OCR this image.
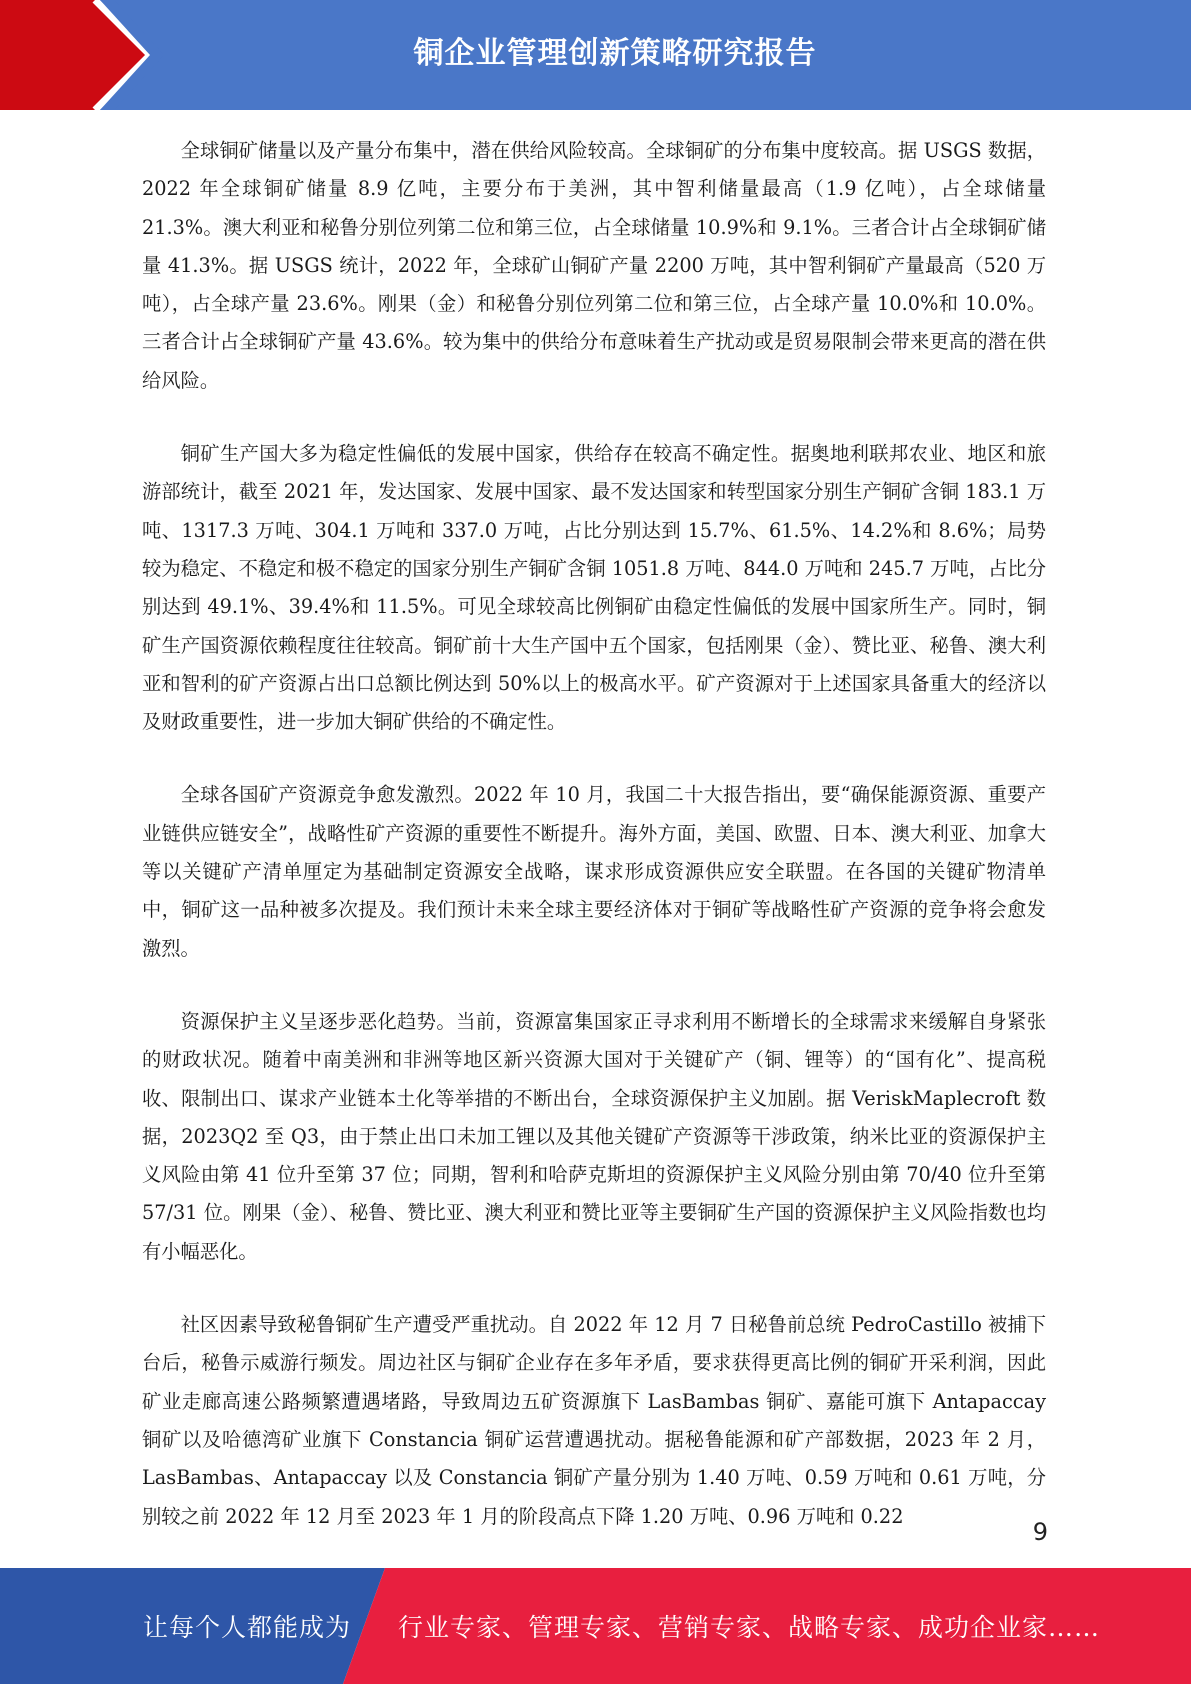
铜企业管理创新策略研究报告

全球铜矿储量以及产量分布集中，潜在供给风险较高。全球铜矿的分布集中度较高。据 USGS 数据，2022 年全球铜矿储量 8.9 亿吨，主要分布于美洲，其中智利储量最高（1.9 亿吨），占全球储量 21.3%。澳大利亚和秘鲁分别位列第二位和第三位，占全球储量 10.9%和 9.1%。三者合计占全球铜矿储量 41.3%。据 USGS 统计，2022 年，全球矿山铜矿产量 2200 万吨，其中智利铜矿产量最高（520 万吨），占全球产量 23.6%。刚果（金）和秘鲁分别位列第二位和第三位，占全球产量 10.0%和 10.0%。三者合计占全球铜矿产量 43.6%。较为集中的供给分布意味着生产扰动或是贸易限制会带来更高的潜在供给风险。

铜矿生产国大多为稳定性偏低的发展中国家，供给存在较高不确定性。据奥地利联邦农业、地区和旅游部统计，截至 2021 年，发达国家、发展中国家、最不发达国家和转型国家分别生产铜矿含铜 183.1 万吨、1317.3 万吨、304.1 万吨和 337.0 万吨，占比分别达到 15.7%、61.5%、14.2%和 8.6%；局势较为稳定、不稳定和极不稳定的国家分别生产铜矿含铜 1051.8 万吨、844.0 万吨和 245.7 万吨，占比分别达到 49.1%、39.4%和 11.5%。可见全球较高比例铜矿由稳定性偏低的发展中国家所生产。同时，铜矿生产国资源依赖程度往往较高。铜矿前十大生产国中五个国家，包括刚果（金）、赞比亚、秘鲁、澳大利亚和智利的矿产资源占出口总额比例达到 50%以上的极高水平。矿产资源对于上述国家具备重大的经济以及财政重要性，进一步加大铜矿供给的不确定性。

全球各国矿产资源竞争愈发激烈。2022 年 10 月，我国二十大报告指出，要“确保能源资源、重要产业链供应链安全”，战略性矿产资源的重要性不断提升。海外方面，美国、欧盟、日本、澳大利亚、加拿大等以关键矿产清单厘定为基础制定资源安全战略，谋求形成资源供应安全联盟。在各国的关键矿物清单中，铜矿这一品种被多次提及。我们预计未来全球主要经济体对于铜矿等战略性矿产资源的竞争将会愈发激烈。

资源保护主义呈逐步恶化趋势。当前，资源富集国家正寻求利用不断增长的全球需求来缓解自身紧张的财政状况。随着中南美洲和非洲等地区新兴资源大国对于关键矿产（铜、锂等）的“国有化”、提高税收、限制出口、谋求产业链本土化等举措的不断出台，全球资源保护主义加剧。据 VeriskMaplecroft 数据，2023Q2 至 Q3，由于禁止出口未加工锂以及其他关键矿产资源等干涉政策，纳米比亚的资源保护主义风险由第 41 位升至第 37 位；同期，智利和哈萨克斯坦的资源保护主义风险分别由第 70/40 位升至第 57/31 位。刚果（金）、秘鲁、赞比亚、澳大利亚和赞比亚等主要铜矿生产国的资源保护主义风险指数也均有小幅恶化。

社区因素导致秘鲁铜矿生产遭受严重扰动。自 2022 年 12 月 7 日秘鲁前总统 PedroCastillo 被捕下台后，秘鲁示威游行频发。周边社区与铜矿企业存在多年矛盾，要求获得更高比例的铜矿开采利润，因此矿业走廊高速公路频繁遭遇堵路，导致周边五矿资源旗下 LasBambas 铜矿、嘉能可旗下 Antapaccay 铜矿以及哈德湾矿业旗下 Constancia 铜矿运营遭遇扰动。据秘鲁能源和矿产部数据，2023 年 2 月，LasBambas、Antapaccay 以及 Constancia 铜矿产量分别为 1.40 万吨、0.59 万吨和 0.61 万吨，分别较之前 2022 年 12 月至 2023 年 1 月的阶段高点下降 1.20 万吨、0.96 万吨和 0.22

9
让每个人都能成为 行业专家、管理专家、营销专家、战略专家、成功企业家……
